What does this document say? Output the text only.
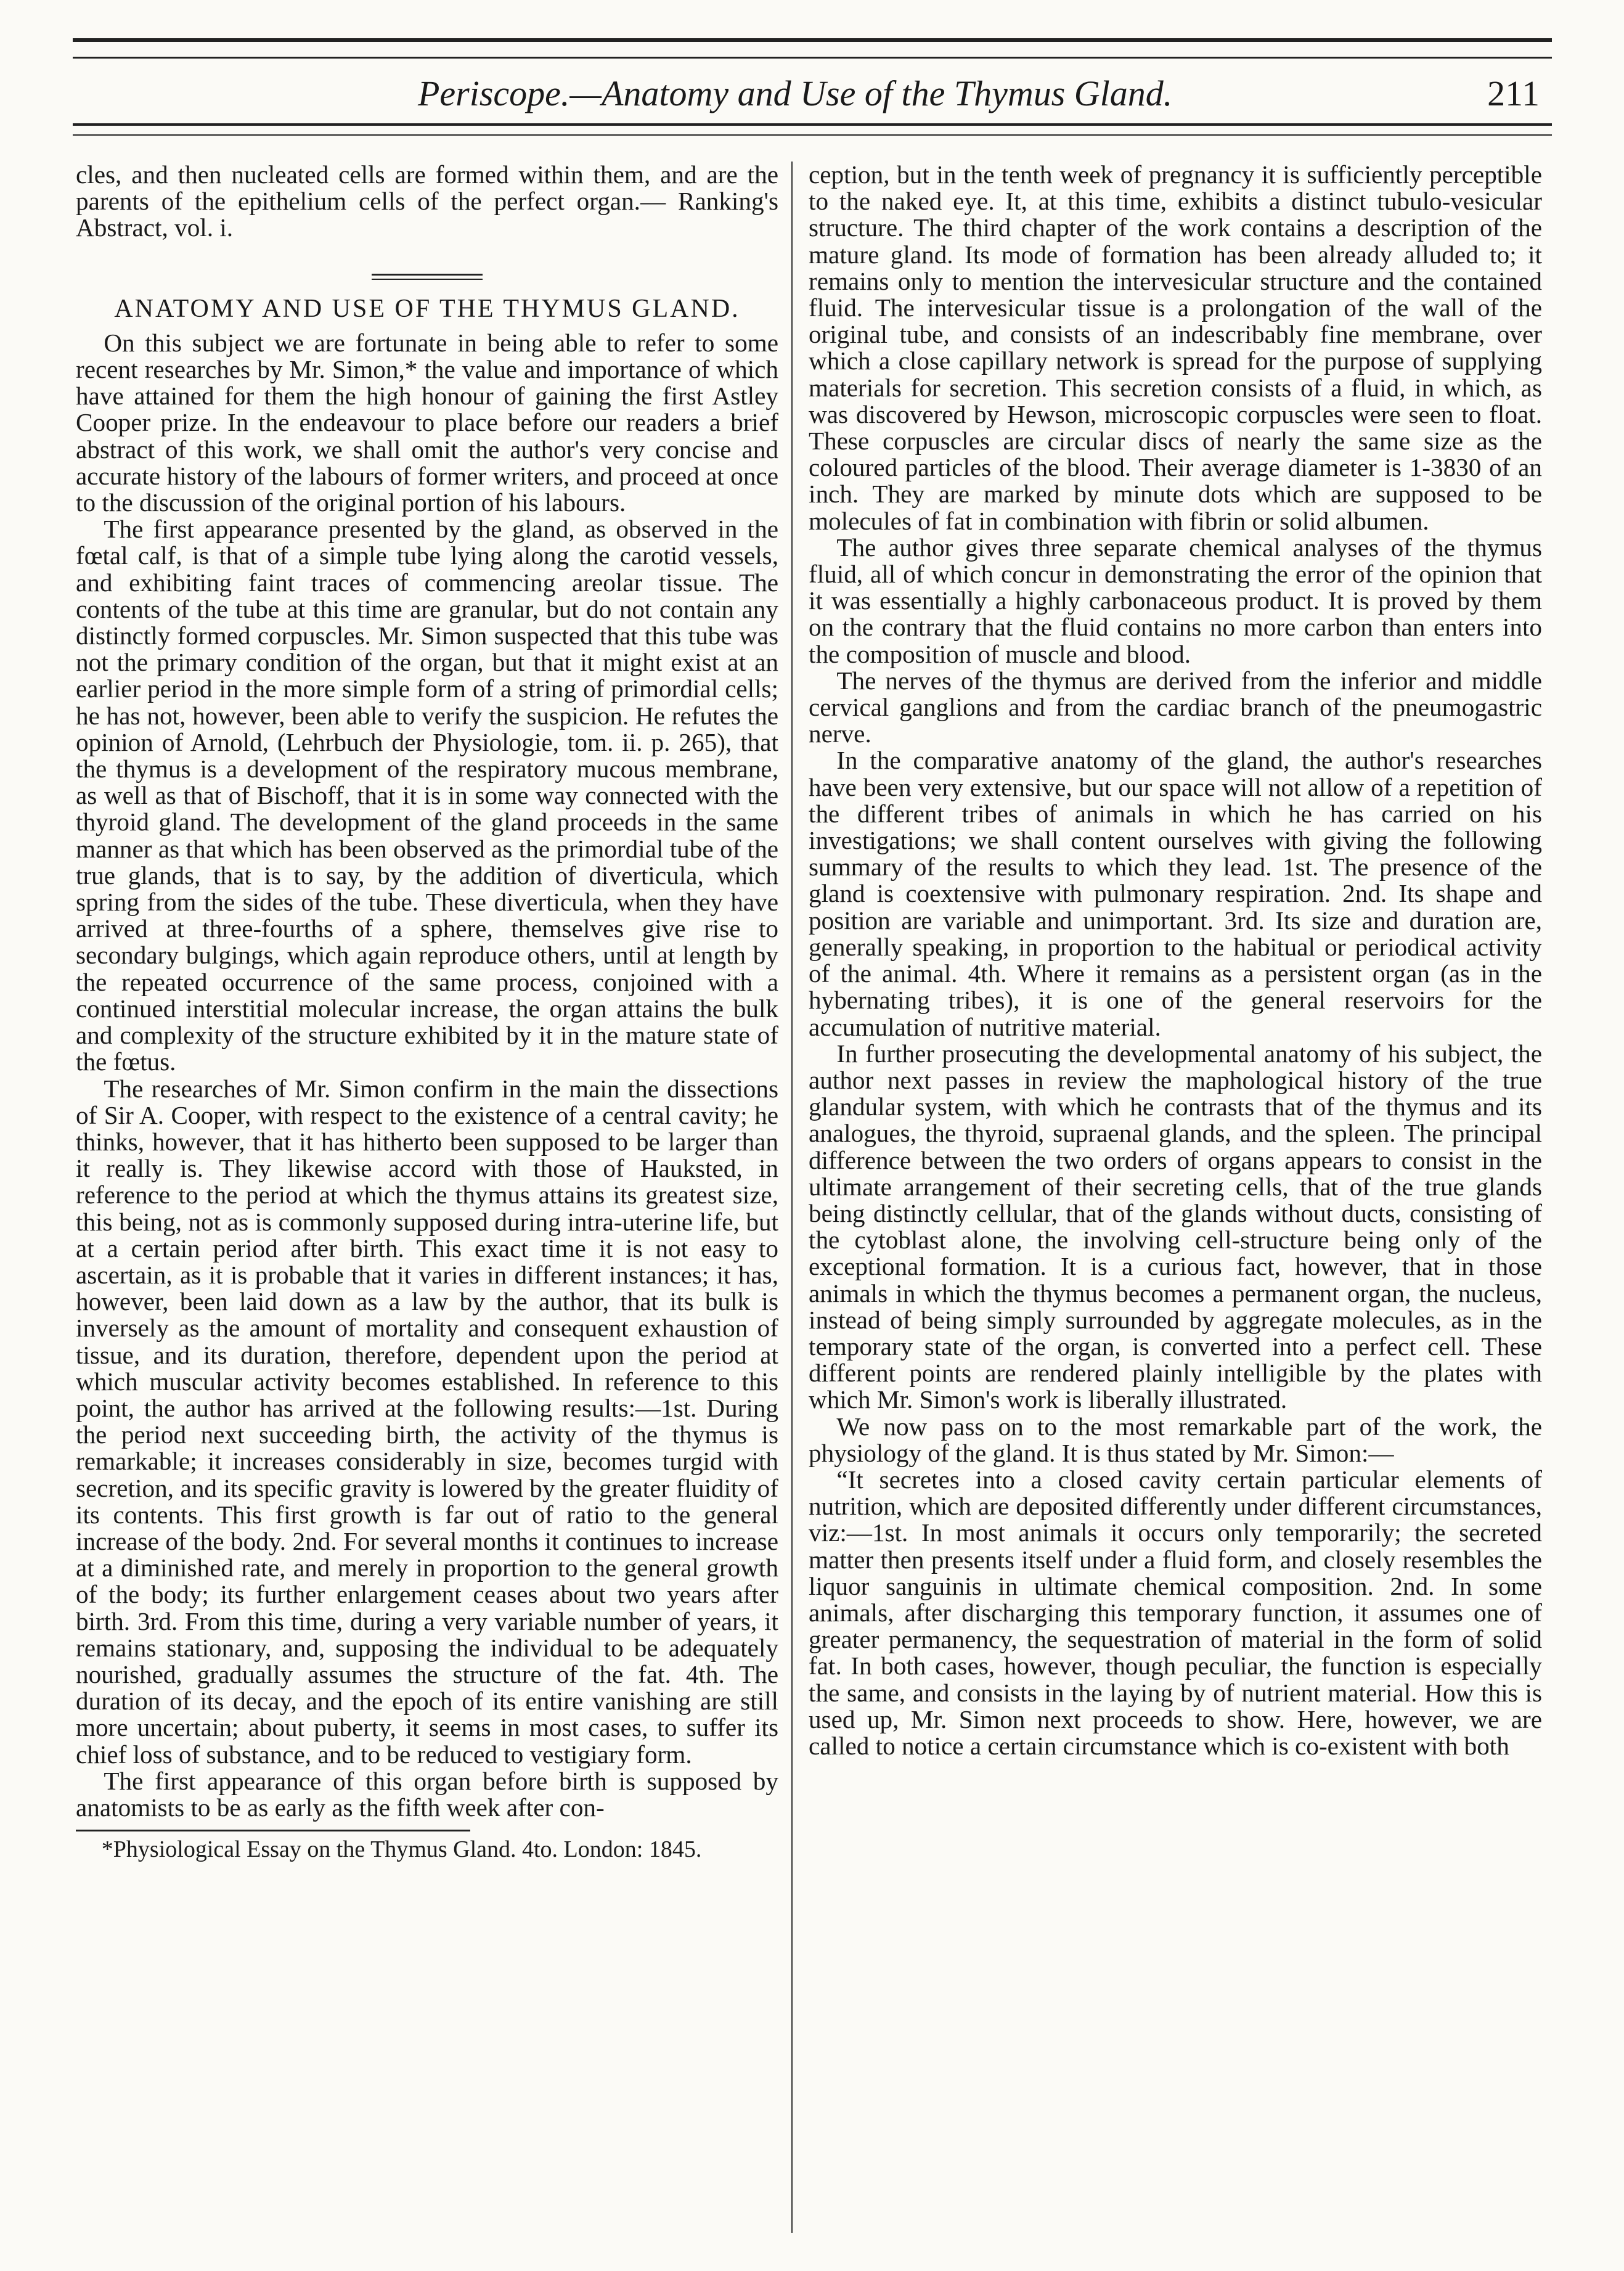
Periscope.—Anatomy and Use of the Thymus Gland.	211

cles, and then nucleated cells are formed within them, and are the parents of the epithelium cells of the perfect organ.— Ranking's Abstract, vol. i.

ANATOMY AND USE OF THE THYMUS GLAND.

On this subject we are fortunate in being able to refer to some recent researches by Mr. Simon,* the value and importance of which have attained for them the high honour of gaining the first Astley Cooper prize. In the endeavour to place before our readers a brief abstract of this work, we shall omit the author's very concise and accurate history of the labours of former writers, and proceed at once to the discussion of the original portion of his labours.

The first appearance presented by the gland, as observed in the fœtal calf, is that of a simple tube lying along the carotid vessels, and exhibiting faint traces of commencing areolar tissue. The contents of the tube at this time are granular, but do not contain any distinctly formed corpuscles. Mr. Simon suspected that this tube was not the primary condition of the organ, but that it might exist at an earlier period in the more simple form of a string of primordial cells; he has not, however, been able to verify the suspicion. He refutes the opinion of Arnold, (Lehrbuch der Physiologie, tom. ii. p. 265), that the thymus is a development of the respiratory mucous membrane, as well as that of Bischoff, that it is in some way connected with the thyroid gland. The development of the gland proceeds in the same manner as that which has been observed as the primordial tube of the true glands, that is to say, by the addition of diverticula, which spring from the sides of the tube. These diverticula, when they have arrived at three-fourths of a sphere, themselves give rise to secondary bulgings, which again reproduce others, until at length by the repeated occurrence of the same process, conjoined with a continued interstitial molecular increase, the organ attains the bulk and complexity of the structure exhibited by it in the mature state of the fœtus.

The researches of Mr. Simon confirm in the main the dissections of Sir A. Cooper, with respect to the existence of a central cavity; he thinks, however, that it has hitherto been supposed to be larger than it really is. They likewise accord with those of Hauksted, in reference to the period at which the thymus attains its greatest size, this being, not as is commonly supposed during intra-uterine life, but at a certain period after birth. This exact time it is not easy to ascertain, as it is probable that it varies in different instances; it has, however, been laid down as a law by the author, that its bulk is inversely as the amount of mortality and consequent exhaustion of tissue, and its duration, therefore, dependent upon the period at which muscular activity becomes established. In reference to this point, the author has arrived at the following results:—1st. During the period next succeeding birth, the activity of the thymus is remarkable; it increases considerably in size, becomes turgid with secretion, and its specific gravity is lowered by the greater fluidity of its contents. This first growth is far out of ratio to the general increase of the body. 2nd. For several months it continues to increase at a diminished rate, and merely in proportion to the general growth of the body; its further enlargement ceases about two years after birth. 3rd. From this time, during a very variable number of years, it remains stationary, and, supposing the individual to be adequately nourished, gradually assumes the structure of the fat. 4th. The duration of its decay, and the epoch of its entire vanishing are still more uncertain; about puberty, it seems in most cases, to suffer its chief loss of substance, and to be reduced to vestigiary form.

The first appearance of this organ before birth is supposed by anatomists to be as early as the fifth week after con-

*Physiological Essay on the Thymus Gland. 4to. London: 1845.

ception, but in the tenth week of pregnancy it is sufficiently perceptible to the naked eye. It, at this time, exhibits a distinct tubulo-vesicular structure. The third chapter of the work contains a description of the mature gland. Its mode of formation has been already alluded to; it remains only to mention the intervesicular structure and the contained fluid. The intervesicular tissue is a prolongation of the wall of the original tube, and consists of an indescribably fine membrane, over which a close capillary network is spread for the purpose of supplying materials for secretion. This secretion consists of a fluid, in which, as was discovered by Hewson, microscopic corpuscles were seen to float. These corpuscles are circular discs of nearly the same size as the coloured particles of the blood. Their average diameter is 1-3830 of an inch. They are marked by minute dots which are supposed to be molecules of fat in combination with fibrin or solid albumen.

The author gives three separate chemical analyses of the thymus fluid, all of which concur in demonstrating the error of the opinion that it was essentially a highly carbonaceous product. It is proved by them on the contrary that the fluid contains no more carbon than enters into the composition of muscle and blood.

The nerves of the thymus are derived from the inferior and middle cervical ganglions and from the cardiac branch of the pneumogastric nerve.

In the comparative anatomy of the gland, the author's researches have been very extensive, but our space will not allow of a repetition of the different tribes of animals in which he has carried on his investigations; we shall content ourselves with giving the following summary of the results to which they lead. 1st. The presence of the gland is coextensive with pulmonary respiration. 2nd. Its shape and position are variable and unimportant. 3rd. Its size and duration are, generally speaking, in proportion to the habitual or periodical activity of the animal. 4th. Where it remains as a persistent organ (as in the hybernating tribes), it is one of the general reservoirs for the accumulation of nutritive material.

In further prosecuting the developmental anatomy of his subject, the author next passes in review the maphological history of the true glandular system, with which he contrasts that of the thymus and its analogues, the thyroid, supraenal glands, and the spleen. The principal difference between the two orders of organs appears to consist in the ultimate arrangement of their secreting cells, that of the true glands being distinctly cellular, that of the glands without ducts, consisting of the cytoblast alone, the involving cell-structure being only of the exceptional formation. It is a curious fact, however, that in those animals in which the thymus becomes a permanent organ, the nucleus, instead of being simply surrounded by aggregate molecules, as in the temporary state of the organ, is converted into a perfect cell. These different points are rendered plainly intelligible by the plates with which Mr. Simon's work is liberally illustrated.

We now pass on to the most remarkable part of the work, the physiology of the gland. It is thus stated by Mr. Simon:—

“It secretes into a closed cavity certain particular elements of nutrition, which are deposited differently under different circumstances, viz:—1st. In most animals it occurs only temporarily; the secreted matter then presents itself under a fluid form, and closely resembles the liquor sanguinis in ultimate chemical composition. 2nd. In some animals, after discharging this temporary function, it assumes one of greater permanency, the sequestration of material in the form of solid fat. In both cases, however, though peculiar, the function is especially the same, and consists in the laying by of nutrient material. How this is used up, Mr. Simon next proceeds to show. Here, however, we are called to notice a certain circumstance which is co-existent with both
